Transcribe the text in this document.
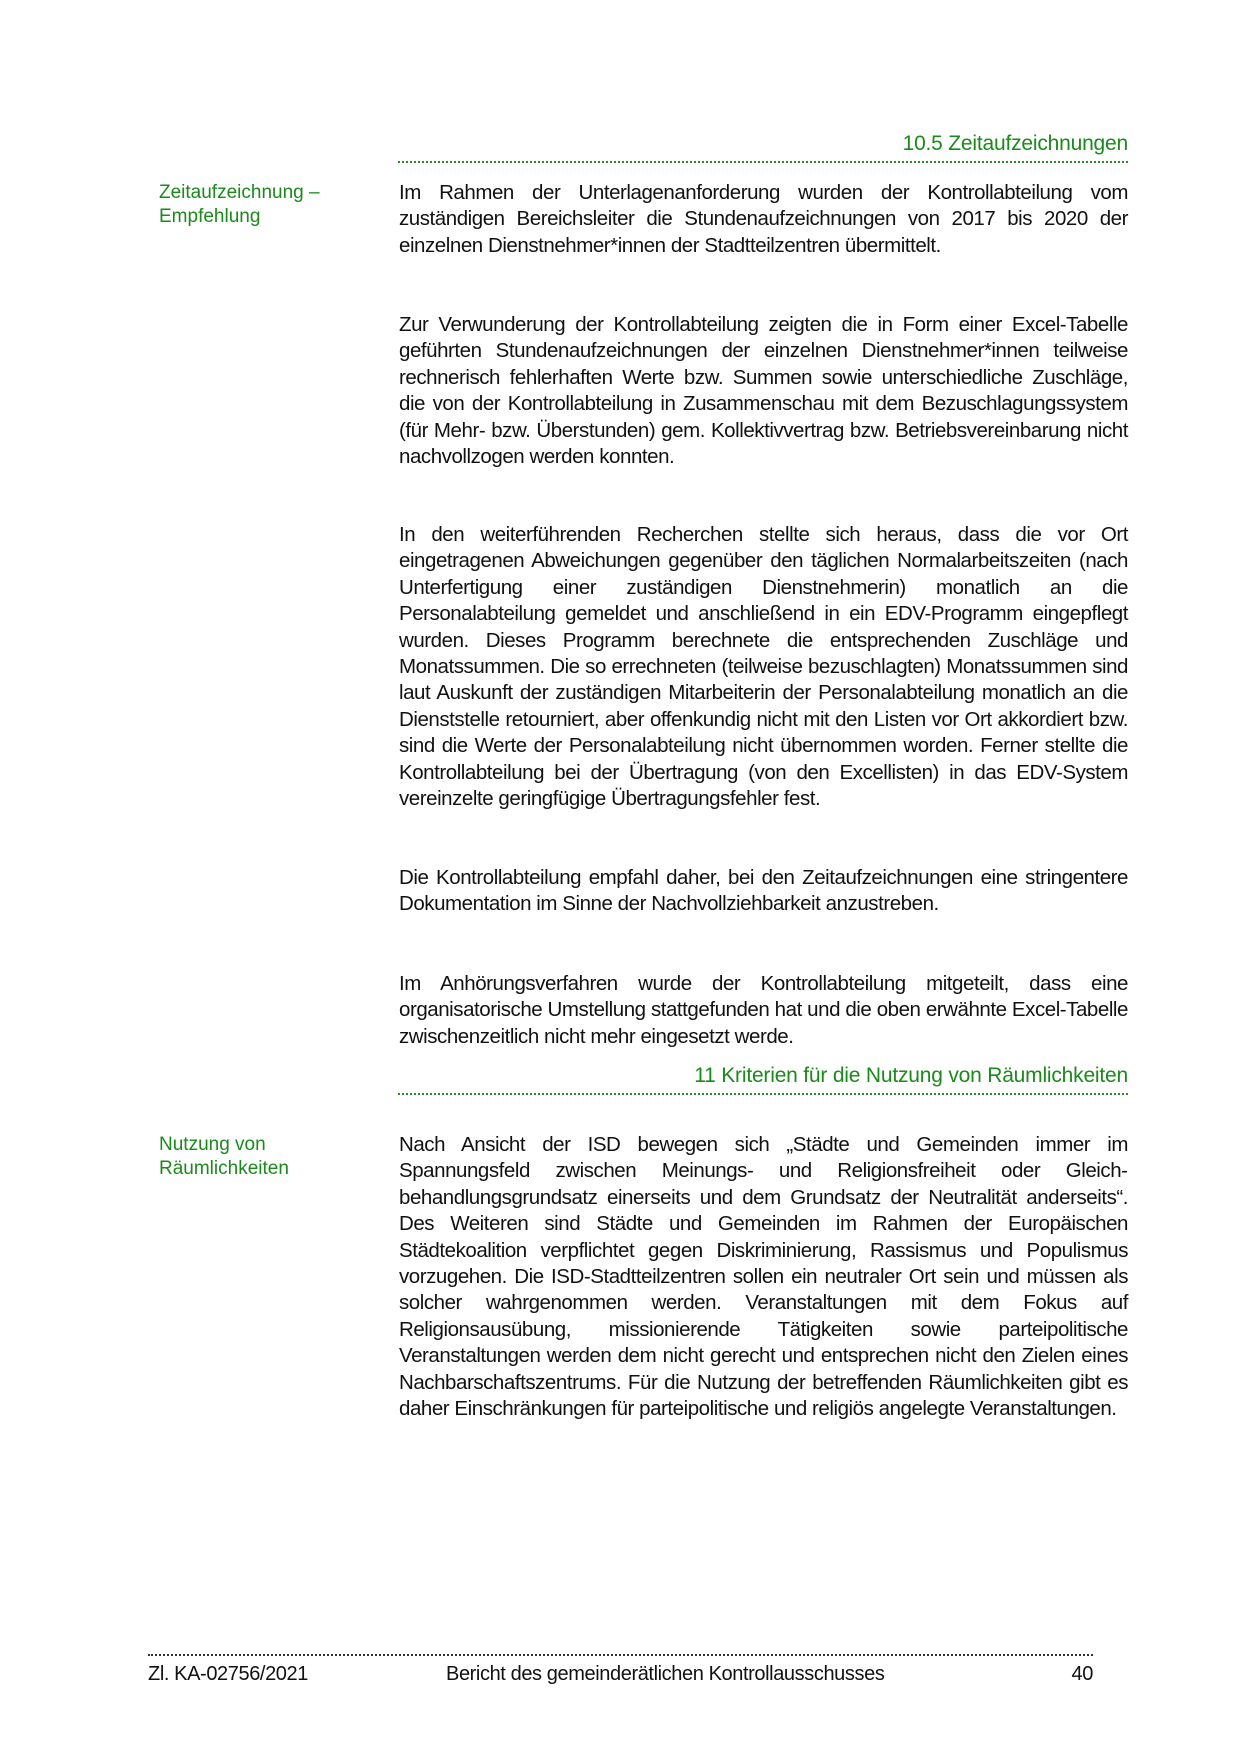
10.5 Zeitaufzeichnungen
Zeitaufzeichnung –
Empfehlung
Im Rahmen der Unterlagenanforderung wurden der Kontrollabteilung vom zuständigen Bereichsleiter die Stundenaufzeichnungen von 2017 bis 2020 der einzelnen Dienstnehmer*innen der Stadtteilzentren übermittelt.
Zur Verwunderung der Kontrollabteilung zeigten die in Form einer Excel-Tabelle geführten Stundenaufzeichnungen der einzelnen Dienstnehmer*innen teilweise rechnerisch fehlerhaften Werte bzw. Summen sowie unterschiedliche Zuschläge, die von der Kontrollabteilung in Zusammenschau mit dem Bezuschlagungssystem (für Mehr- bzw. Überstunden) gem. Kollektivvertrag bzw. Betriebsvereinbarung nicht nachvollzogen werden konnten.
In den weiterführenden Recherchen stellte sich heraus, dass die vor Ort eingetragenen Abweichungen gegenüber den täglichen Normalarbeitszeiten (nach Unterfertigung einer zuständigen Dienstnehmerin) monatlich an die Personalabteilung gemeldet und anschließend in ein EDV-Programm eingepflegt wurden. Dieses Programm berechnete die entsprechenden Zuschläge und Monatssummen. Die so errechneten (teilweise bezuschlagten) Monatssummen sind laut Auskunft der zuständigen Mitarbeiterin der Personalabteilung monatlich an die Dienststelle retourniert, aber offenkundig nicht mit den Listen vor Ort akkordiert bzw. sind die Werte der Personalabteilung nicht übernommen worden. Ferner stellte die Kontrollabteilung bei der Übertragung (von den Excellisten) in das EDV-System vereinzelte geringfügige Übertragungsfehler fest.
Die Kontrollabteilung empfahl daher, bei den Zeitaufzeichnungen eine stringentere Dokumentation im Sinne der Nachvollziehbarkeit anzustreben.
Im Anhörungsverfahren wurde der Kontrollabteilung mitgeteilt, dass eine organisatorische Umstellung stattgefunden hat und die oben erwähnte Excel-Tabelle zwischenzeitlich nicht mehr eingesetzt werde.
11 Kriterien für die Nutzung von Räumlichkeiten
Nutzung von
Räumlichkeiten
Nach Ansicht der ISD bewegen sich „Städte und Gemeinden immer im Spannungsfeld zwischen Meinungs- und Religionsfreiheit oder Gleichbehandlungsgrundsatz einerseits und dem Grundsatz der Neutralität anderseits“. Des Weiteren sind Städte und Gemeinden im Rahmen der Europäischen Städtekoalition verpflichtet gegen Diskriminierung, Rassismus und Populismus vorzugehen. Die ISD-Stadtteilzentren sollen ein neutraler Ort sein und müssen als solcher wahrgenommen werden. Veranstaltungen mit dem Fokus auf Religionsausübung, missionierende Tätigkeiten sowie parteipolitische Veranstaltungen werden dem nicht gerecht und entsprechen nicht den Zielen eines Nachbarschaftszentrums. Für die Nutzung der betreffenden Räumlichkeiten gibt es daher Einschränkungen für parteipolitische und religiös angelegte Veranstaltungen.
Zl. KA-02756/2021	Bericht des gemeinderätlichen Kontrollausschusses	40
